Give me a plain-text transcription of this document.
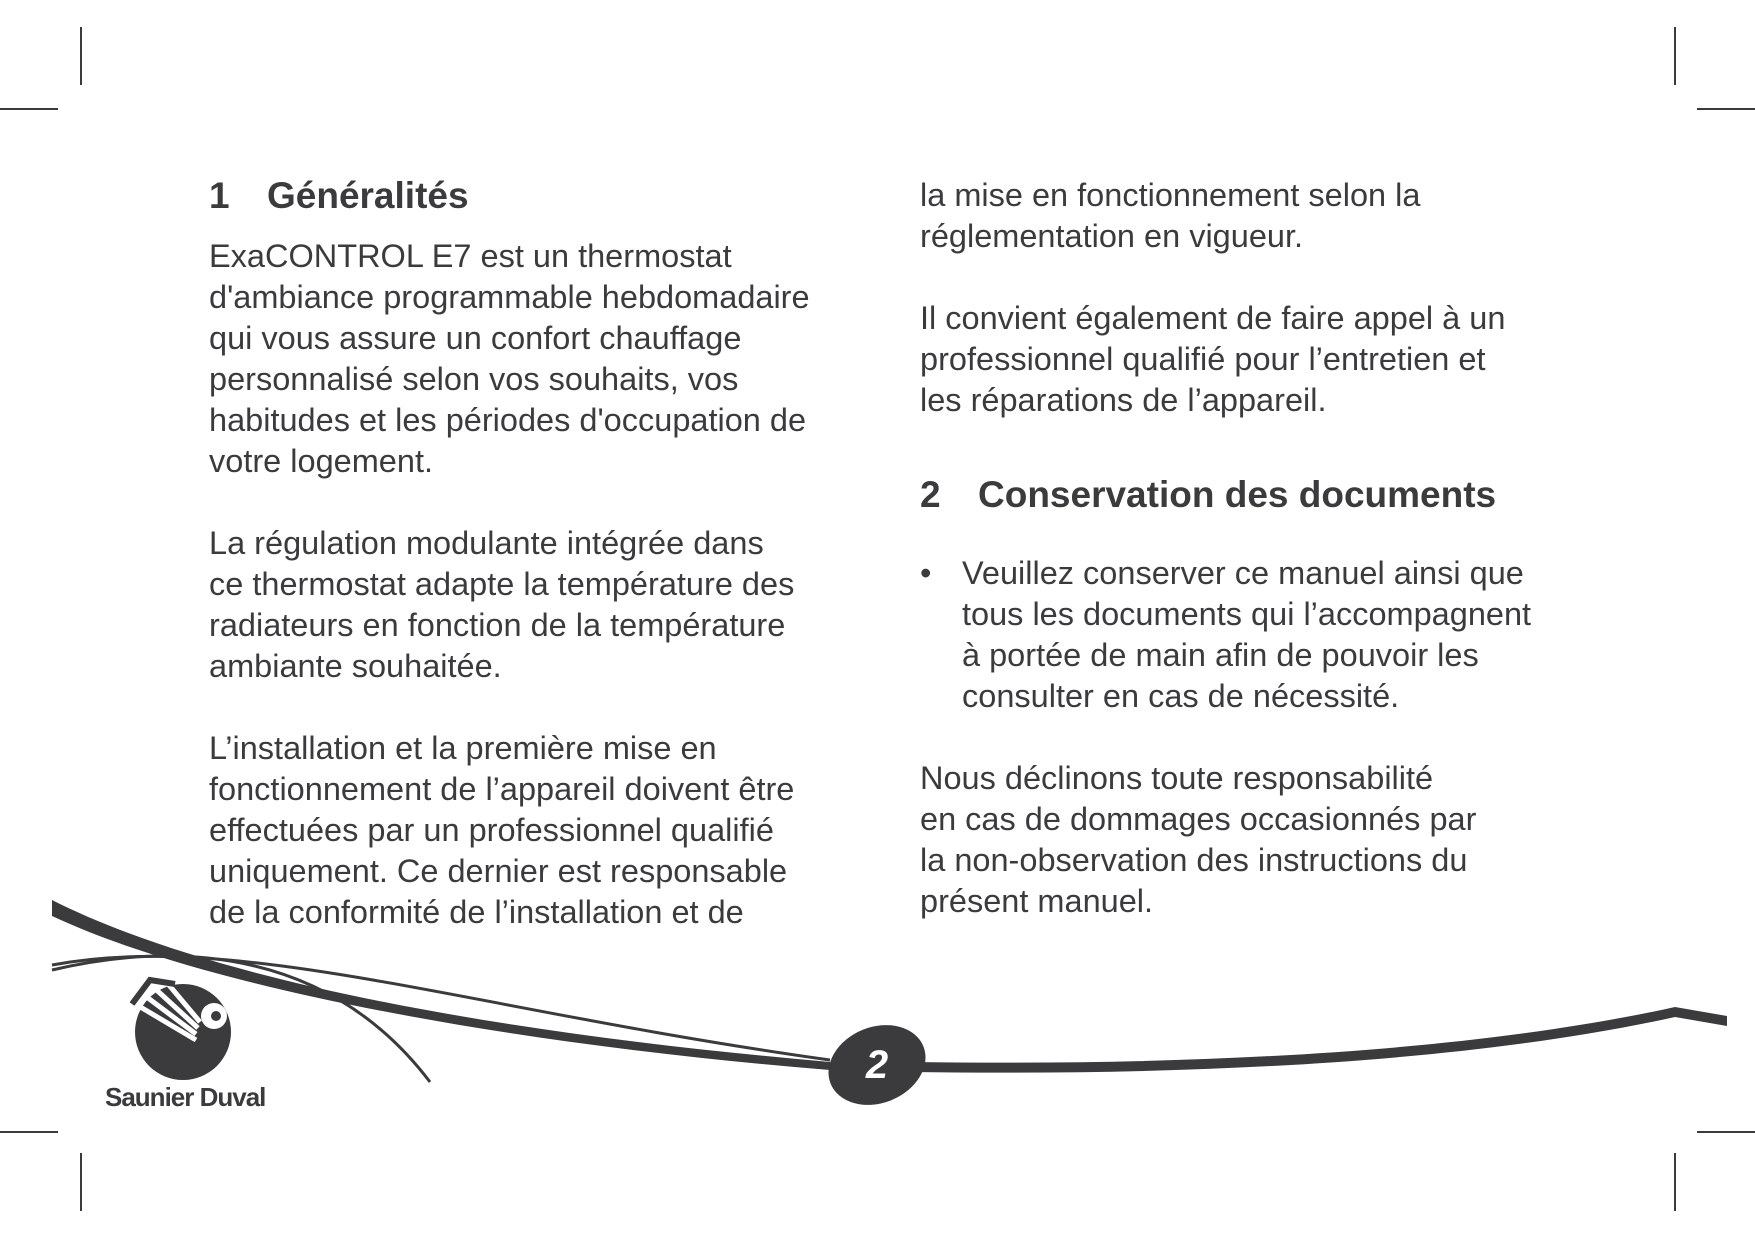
2
Saunier Duval
1	Généralités

ExaCONTROL E7 est un thermostat
d'ambiance programmable hebdomadaire
qui vous assure un confort chauffage
personnalisé selon vos souhaits, vos
habitudes et les périodes d'occupation de
votre logement.

La régulation modulante intégrée dans
ce thermostat adapte la température des
radiateurs en fonction de la température
ambiante souhaitée.

L’installation et la première mise en
fonctionnement de l’appareil doivent être
effectuées par un professionnel qualifié
uniquement. Ce dernier est responsable
de la conformité de l’installation et de

la mise en fonctionnement selon la
réglementation en vigueur.

Il convient également de faire appel à un
professionnel qualifié pour l’entretien et
les réparations de l’appareil.

2	Conservation des documents
• Veuillez conserver ce manuel ainsi que
tous les documents qui l’accompagnent
à portée de main afin de pouvoir les
consulter en cas de nécessité.

Nous déclinons toute responsabilité
en cas de dommages occasionnés par
la non-observation des instructions du
présent manuel.
